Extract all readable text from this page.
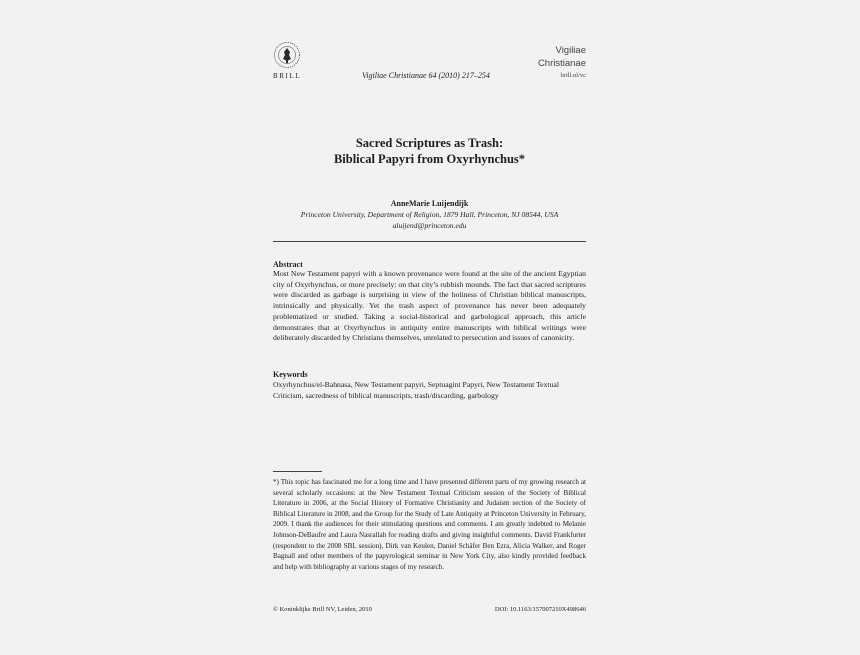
BRILL	Vigiliae Christianae 64 (2010) 217–254
Vigiliae
Christianae
brill.nl/vc
Sacred Scriptures as Trash:
Biblical Papyri from Oxyrhynchus*
AnneMarie Luijendijk
Princeton University, Department of Religion, 1879 Hall, Princeton, NJ 08544, USA
aluijend@princeton.edu
Abstract
Most New Testament papyri with a known provenance were found at the site of the ancient Egyptian city of Oxyrhynchus, or more precisely: on that city’s rubbish mounds. The fact that sacred scriptures were discarded as garbage is surprising in view of the holiness of Christian biblical manuscripts, intrinsically and physically. Yet the trash aspect of provenance has never been adequately problematized or studied. Taking a social-historical and garbological approach, this article demonstrates that at Oxyrhynchus in antiquity entire manuscripts with biblical writings were deliberately discarded by Christians themselves, unrelated to persecution and issues of canonicity.
Keywords
Oxyrhynchus/el-Bahnasa, New Testament papyri, Septuagint Papyri, New Testament Textual Criticism, sacredness of biblical manuscripts, trash/discarding, garbology
*) This topic has fascinated me for a long time and I have presented different parts of my growing research at several scholarly occasions: at the New Testament Textual Criticism session of the Society of Biblical Literature in 2006, at the Social History of Formative Christianity and Judaism section of the Society of Biblical Literature in 2008, and the Group for the Study of Late Antiquity at Princeton University in February, 2009. I thank the audiences for their stimulating questions and comments. I am greatly indebted to Melanie Johnson-DeBaufre and Laura Nasrallah for reading drafts and giving insightful comments. David Frankfurter (respondent to the 2008 SBL session), Dirk van Keulen, Daniel Schäfer Ben Ezra, Alicia Walker, and Roger Bagnall and other members of the papyrological seminar in New York City, also kindly provided feedback and help with bibliography at various stages of my research.
© Koninklijke Brill NV, Leiden, 2010	DOI: 10.1163/157007210X498646
